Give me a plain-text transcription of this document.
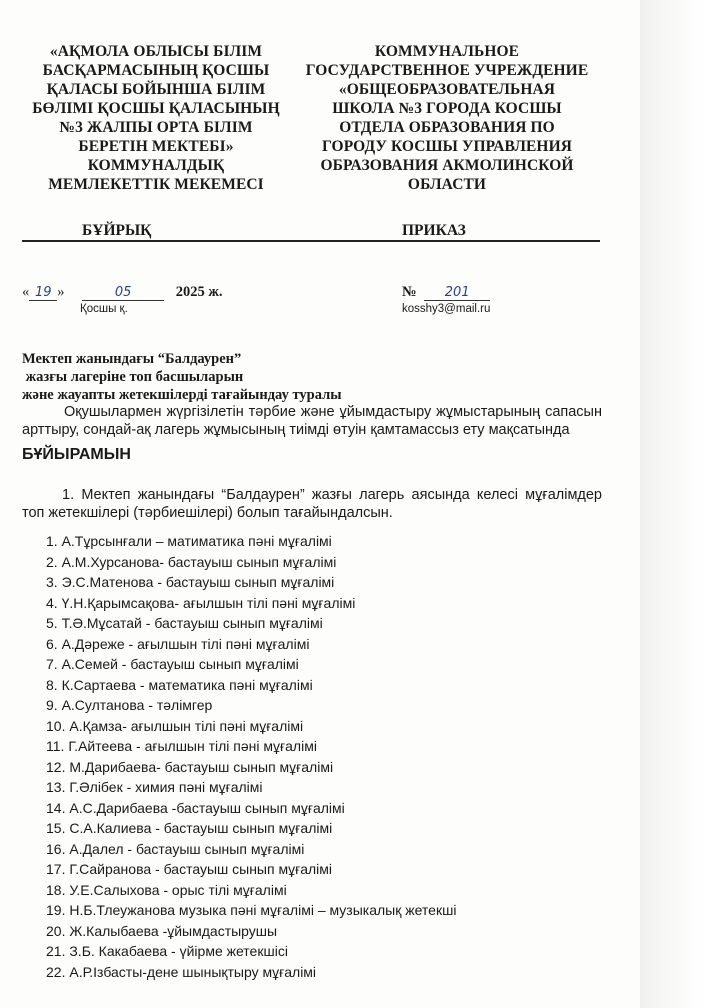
«АҚМОЛА ОБЛЫСЫ БІЛІМ
БАСҚАРМАСЫНЫҢ ҚОСШЫ
ҚАЛАСЫ БОЙЫНША БІЛІМ
БӨЛІМІ ҚОСШЫ ҚАЛАСЫНЫҢ
№3 ЖАЛПЫ ОРТА БІЛІМ
БЕРЕТІН МЕКТЕБІ»
КОММУНАЛДЫҚ
МЕМЛЕКЕТТІК МЕКЕМЕСІ
КОММУНАЛЬНОЕ
ГОСУДАРСТВЕННОЕ УЧРЕЖДЕНИЕ
«ОБЩЕОБРАЗОВАТЕЛЬНАЯ
ШКОЛА №3 ГОРОДА КОСШЫ
ОТДЕЛА ОБРАЗОВАНИЯ ПО
ГОРОДУ КОСШЫ УПРАВЛЕНИЯ
ОБРАЗОВАНИЯ АКМОЛИНСКОЙ
ОБЛАСТИ
БҰЙРЫҚ	ПРИКАЗ
« 19 »	05	2025 ж.
Қосшы қ.
№ 201
kosshy3@mail.ru
Мектеп жанындағы “Балдаурен”
жазғы лагеріне топ басшыларын
және жауапты жетекшілерді тағайындау туралы
Оқушылармен жүргізілетін тәрбие және ұйымдастыру жұмыстарының сапасын арттыру, сондай-ақ лагерь жұмысының тиімді өтуін қамтамассыз ету мақсатында
БҰЙЫРАМЫН
1. Мектеп жанындағы “Балдаурен” жазғы лагерь аясында келесі мұғалімдер топ жетекшілері (тәрбиешілері) болып тағайындалсын.
1. А.Тұрсынғали – матиматика пәні мұғалімі
2. А.М.Хурсанова- бастауыш сынып мұғалімі
3. Э.С.Матенова - бастауыш сынып мұғалімі
4. Ү.Н.Қарымсақова- ағылшын тілі пәні мұғалімі
5. Т.Ә.Мұсатай - бастауыш сынып мұғалімі
6. А.Дәреже - ағылшын тілі пәні мұғалімі
7. А.Семей - бастауыш сынып мұғалімі
8. К.Сартаева - математика пәні мұғалімі
9. А.Султанова - тәлімгер
10. А.Қамза- ағылшын тілі пәні мұғалімі
11. Г.Айтеева - ағылшын тілі пәні мұғалімі
12. М.Дарибаева- бастауыш сынып мұғалімі
13. Г.Әлібек - химия пәні мұғалімі
14. А.С.Дарибаева -бастауыш сынып мұғалімі
15. С.А.Калиева - бастауыш сынып мұғалімі
16. А.Далел - бастауыш сынып мұғалімі
17. Г.Сайранова - бастауыш сынып мұғалімі
18. У.Е.Салыхова - орыс тілі мұғалімі
19. Н.Б.Тлеужанова музыка пәні мұғалімі – музыкалық жетекші
20. Ж.Калыбаева -ұйымдастырушы
21. З.Б. Какабаева - үйірме жетекшісі
22. А.Р.Ізбасты-дене шынықтыру мұғалімі
